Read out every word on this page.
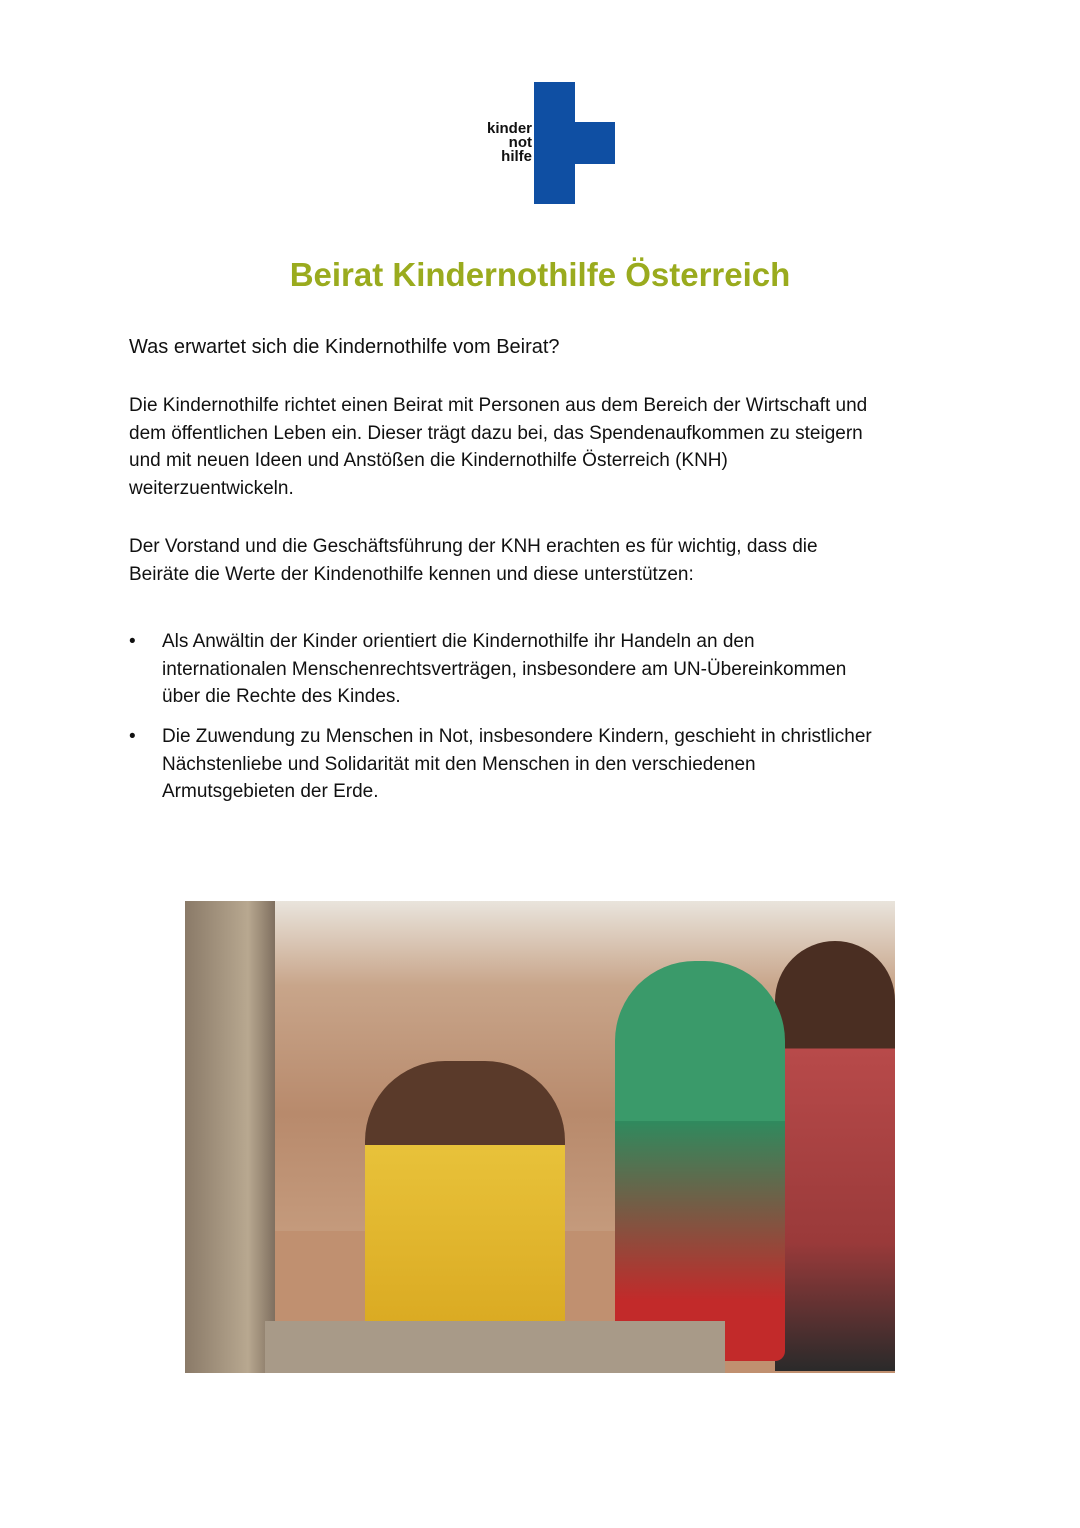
kinder
not
hilfe
Beirat Kindernothilfe Österreich
Was erwartet sich die Kindernothilfe vom Beirat?
Die Kindernothilfe richtet einen Beirat mit Personen aus dem Bereich der Wirtschaft und
dem öffentlichen Leben ein. Dieser trägt dazu bei, das Spendenaufkommen zu steigern
und mit neuen Ideen und Anstößen die Kindernothilfe Österreich (KNH)
weiterzuentwickeln.
Der Vorstand und die Geschäftsführung der KNH erachten es für wichtig, dass die
Beiräte die Werte der Kindenothilfe kennen und diese unterstützen:
• Als Anwältin der Kinder orientiert die Kindernothilfe ihr Handeln an den
internationalen Menschenrechtsverträgen, insbesondere am UN-Übereinkommen
über die Rechte des Kindes.
• Die Zuwendung zu Menschen in Not, insbesondere Kindern, geschieht in christlicher
Nächstenliebe und Solidarität mit den Menschen in den verschiedenen
Armutsgebieten der Erde.
